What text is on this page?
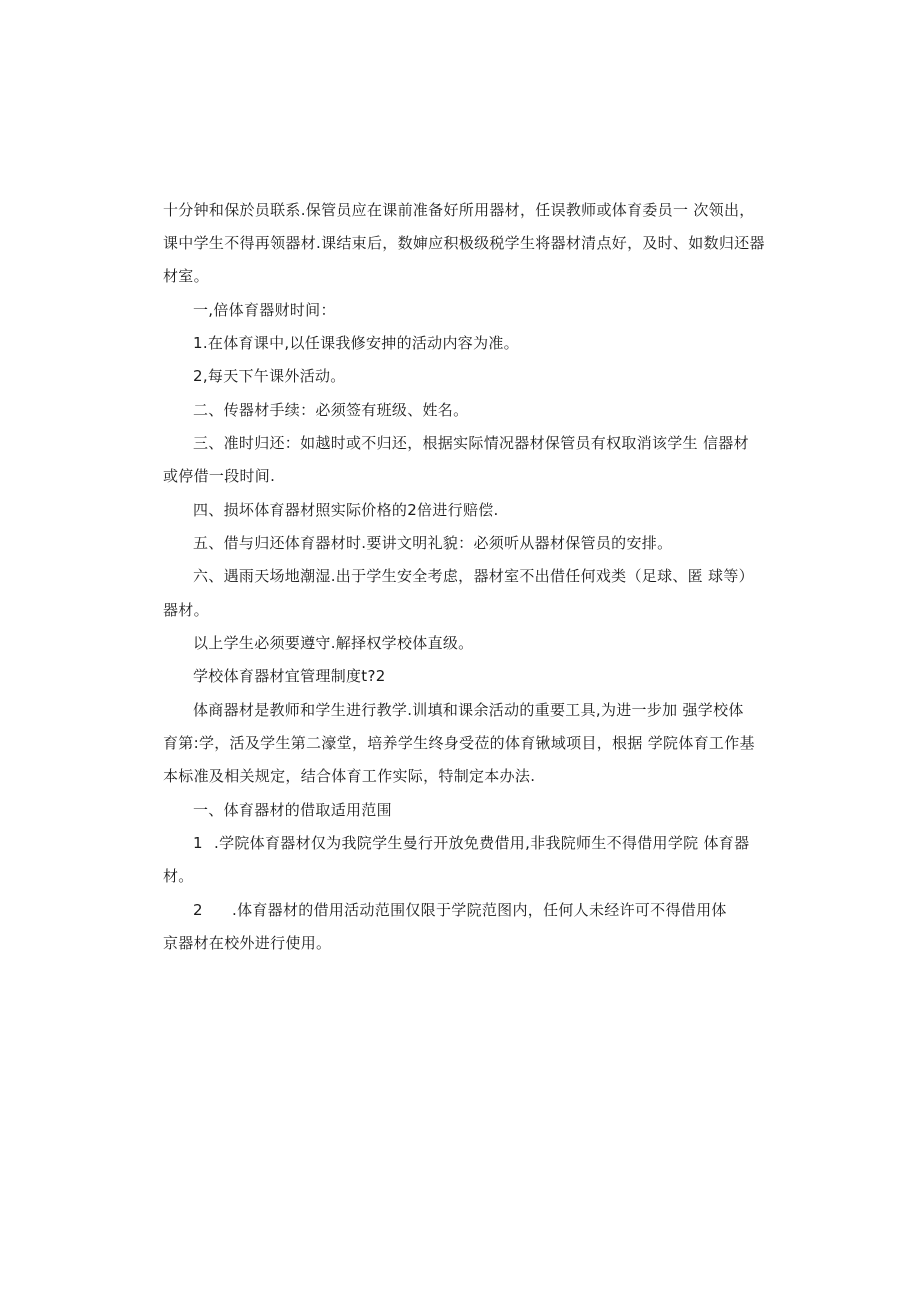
十分钟和保於员联系.保管员应在课前准备好所用器材，任误教师或体育委员一 次领出，
课中学生不得再领器材.课结束后，数婶应积极级税学生将器材清点好，及时、如数归还器
材室。
一,倍体育器财时间：
1.在体育课中,以任课我修安抻的活动内容为准。
2,每天下午课外活动。
二、传器材手续：必须签有班级、姓名。
三、准时归还：如越时或不归还，根据实际情况器材保管员有权取消该学生 信器材
或停借一段时间.
四、损坏体育器材照实际价格的2倍进行赔偿.
五、借与归还体育器材时.要讲文明礼貌：必须听从器材保管员的安排。
六、遇雨天场地潮湿.出于学生安全考虑，器材室不出借任何戏类（足球、匿 球等）
器材。
以上学生必须要遵守.解择权学校体直级。
学校体育器材宜管理制度t?2
体商器材是教师和学生进行教学.训填和课余活动的重要工具,为进一步加 强学校体
育第:学，活及学生第二濠堂，培养学生终身受莅的体育锹域项目，根据 学院体育工作基
本标准及相关规定，结合体育工作实际，特制定本办法.
一、体育器材的借取适用范围
1 .学院体育器材仅为我院学生曼行开放免费借用,非我院师生不得借用学院 体育器
材。
2 .体育器材的借用活动范围仅限于学院范图内，任何人未经许可不得借用体
京器材在校外进行使用。
